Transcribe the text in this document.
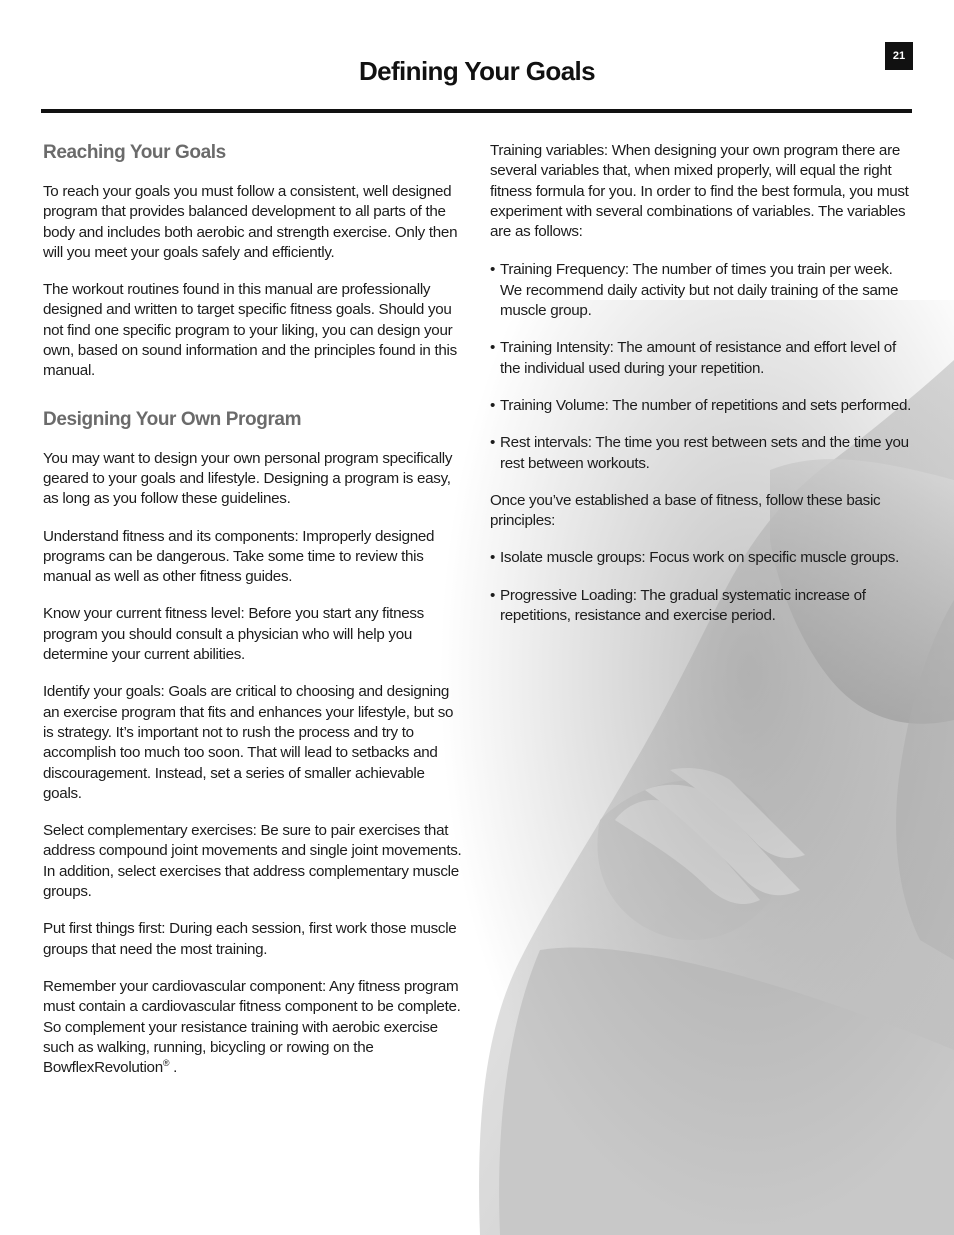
21
Defining Your Goals
Reaching Your Goals

To reach your goals you must follow a consistent, well designed program that provides balanced development to all parts of the body and includes both aerobic and strength exercise. Only then will you meet your goals safely and efficiently.

The workout routines found in this manual are professionally designed and written to target specific fitness goals. Should you not find one specific program to your liking, you can design your own, based on sound information and the principles found in this manual.

Designing Your Own Program

You may want to design your own personal program specifically geared to your goals and lifestyle. Designing a program is easy, as long as you follow these guidelines.

Understand fitness and its components: Improperly designed programs can be dangerous. Take some time to review this manual as well as other fitness guides.

Know your current fitness level: Before you start any fitness program you should consult a physician who will help you determine your current abilities.

Identify your goals: Goals are critical to choosing and designing an exercise program that fits and enhances your lifestyle, but so is strategy. It’s important not to rush the process and try to accomplish too much too soon. That will lead to setbacks and discouragement. Instead, set a series of smaller achievable goals.

Select complementary exercises: Be sure to pair exercises that address compound joint movements and single joint movements. In addition, select exercises that address complementary muscle groups.

Put first things first: During each session, first work those muscle groups that need the most training.

Remember your cardiovascular component: Any fitness program must contain a cardiovascular fitness component to be complete. So complement your resistance training with aerobic exercise such as walking, running, bicycling or rowing on the BowflexRevolution® .

Training variables: When designing your own program there are several variables that, when mixed properly, will equal the right fitness formula for you. In order to find the best formula, you must experiment with several combinations of variables. The variables are as follows:

• Training Frequency: The number of times you train per week. We recommend daily activity but not daily training of the same muscle group.
• Training Intensity: The amount of resistance and effort level of the individual used during your repetition.
• Training Volume: The number of repetitions and sets performed.
• Rest intervals: The time you rest between sets and the time you rest between workouts.

Once you’ve established a base of fitness, follow these basic principles:

• Isolate muscle groups: Focus work on specific muscle groups.
• Progressive Loading: The gradual systematic increase of repetitions, resistance and exercise period.
